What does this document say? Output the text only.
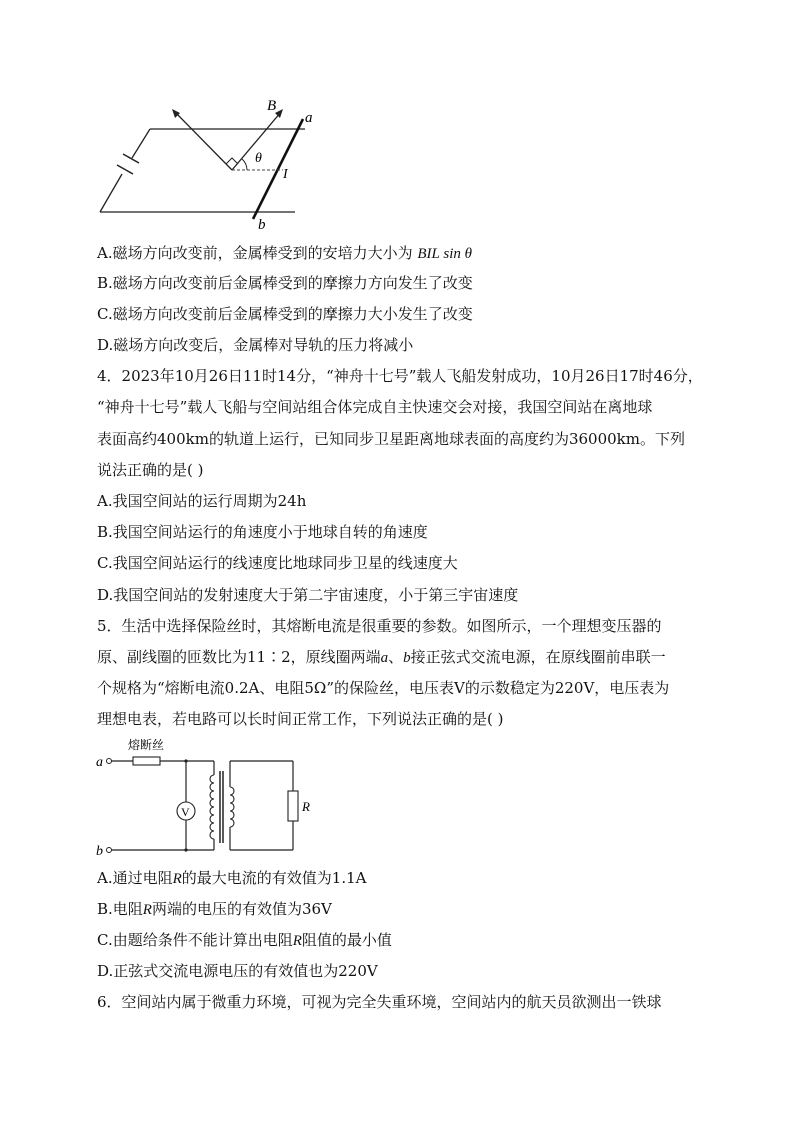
B
a
θ
I
b
A.磁场方向改变前，金属棒受到的安培力大小为 BIL sin θ
B.磁场方向改变前后金属棒受到的摩擦力方向发生了改变
C.磁场方向改变前后金属棒受到的摩擦力大小发生了改变
D.磁场方向改变后，金属棒对导轨的压力将减小
4．2023年10月26日11时14分，“神舟十七号”载人飞船发射成功，10月26日17时46分，
“神舟十七号”载人飞船与空间站组合体完成自主快速交会对接，我国空间站在离地球
表面高约400km的轨道上运行，已知同步卫星距离地球表面的高度约为36000km。下列
说法正确的是( )
A.我国空间站的运行周期为24h
B.我国空间站运行的角速度小于地球自转的角速度
C.我国空间站运行的线速度比地球同步卫星的线速度大
D.我国空间站的发射速度大于第二宇宙速度，小于第三宇宙速度
5．生活中选择保险丝时，其熔断电流是很重要的参数。如图所示，一个理想变压器的
原、副线圈的匝数比为11∶2，原线圈两端a、b接正弦式交流电源，在原线圈前串联一
个规格为“熔断电流0.2A、电阻5Ω”的保险丝，电压表V的示数稳定为220V，电压表为
理想电表，若电路可以长时间正常工作，下列说法正确的是( )
熔断丝
a
V	R
b
A.通过电阻R的最大电流的有效值为1.1A
B.电阻R两端的电压的有效值为36V
C.由题给条件不能计算出电阻R阻值的最小值
D.正弦式交流电源电压的有效值也为220V
6．空间站内属于微重力环境，可视为完全失重环境，空间站内的航天员欲测出一铁球
